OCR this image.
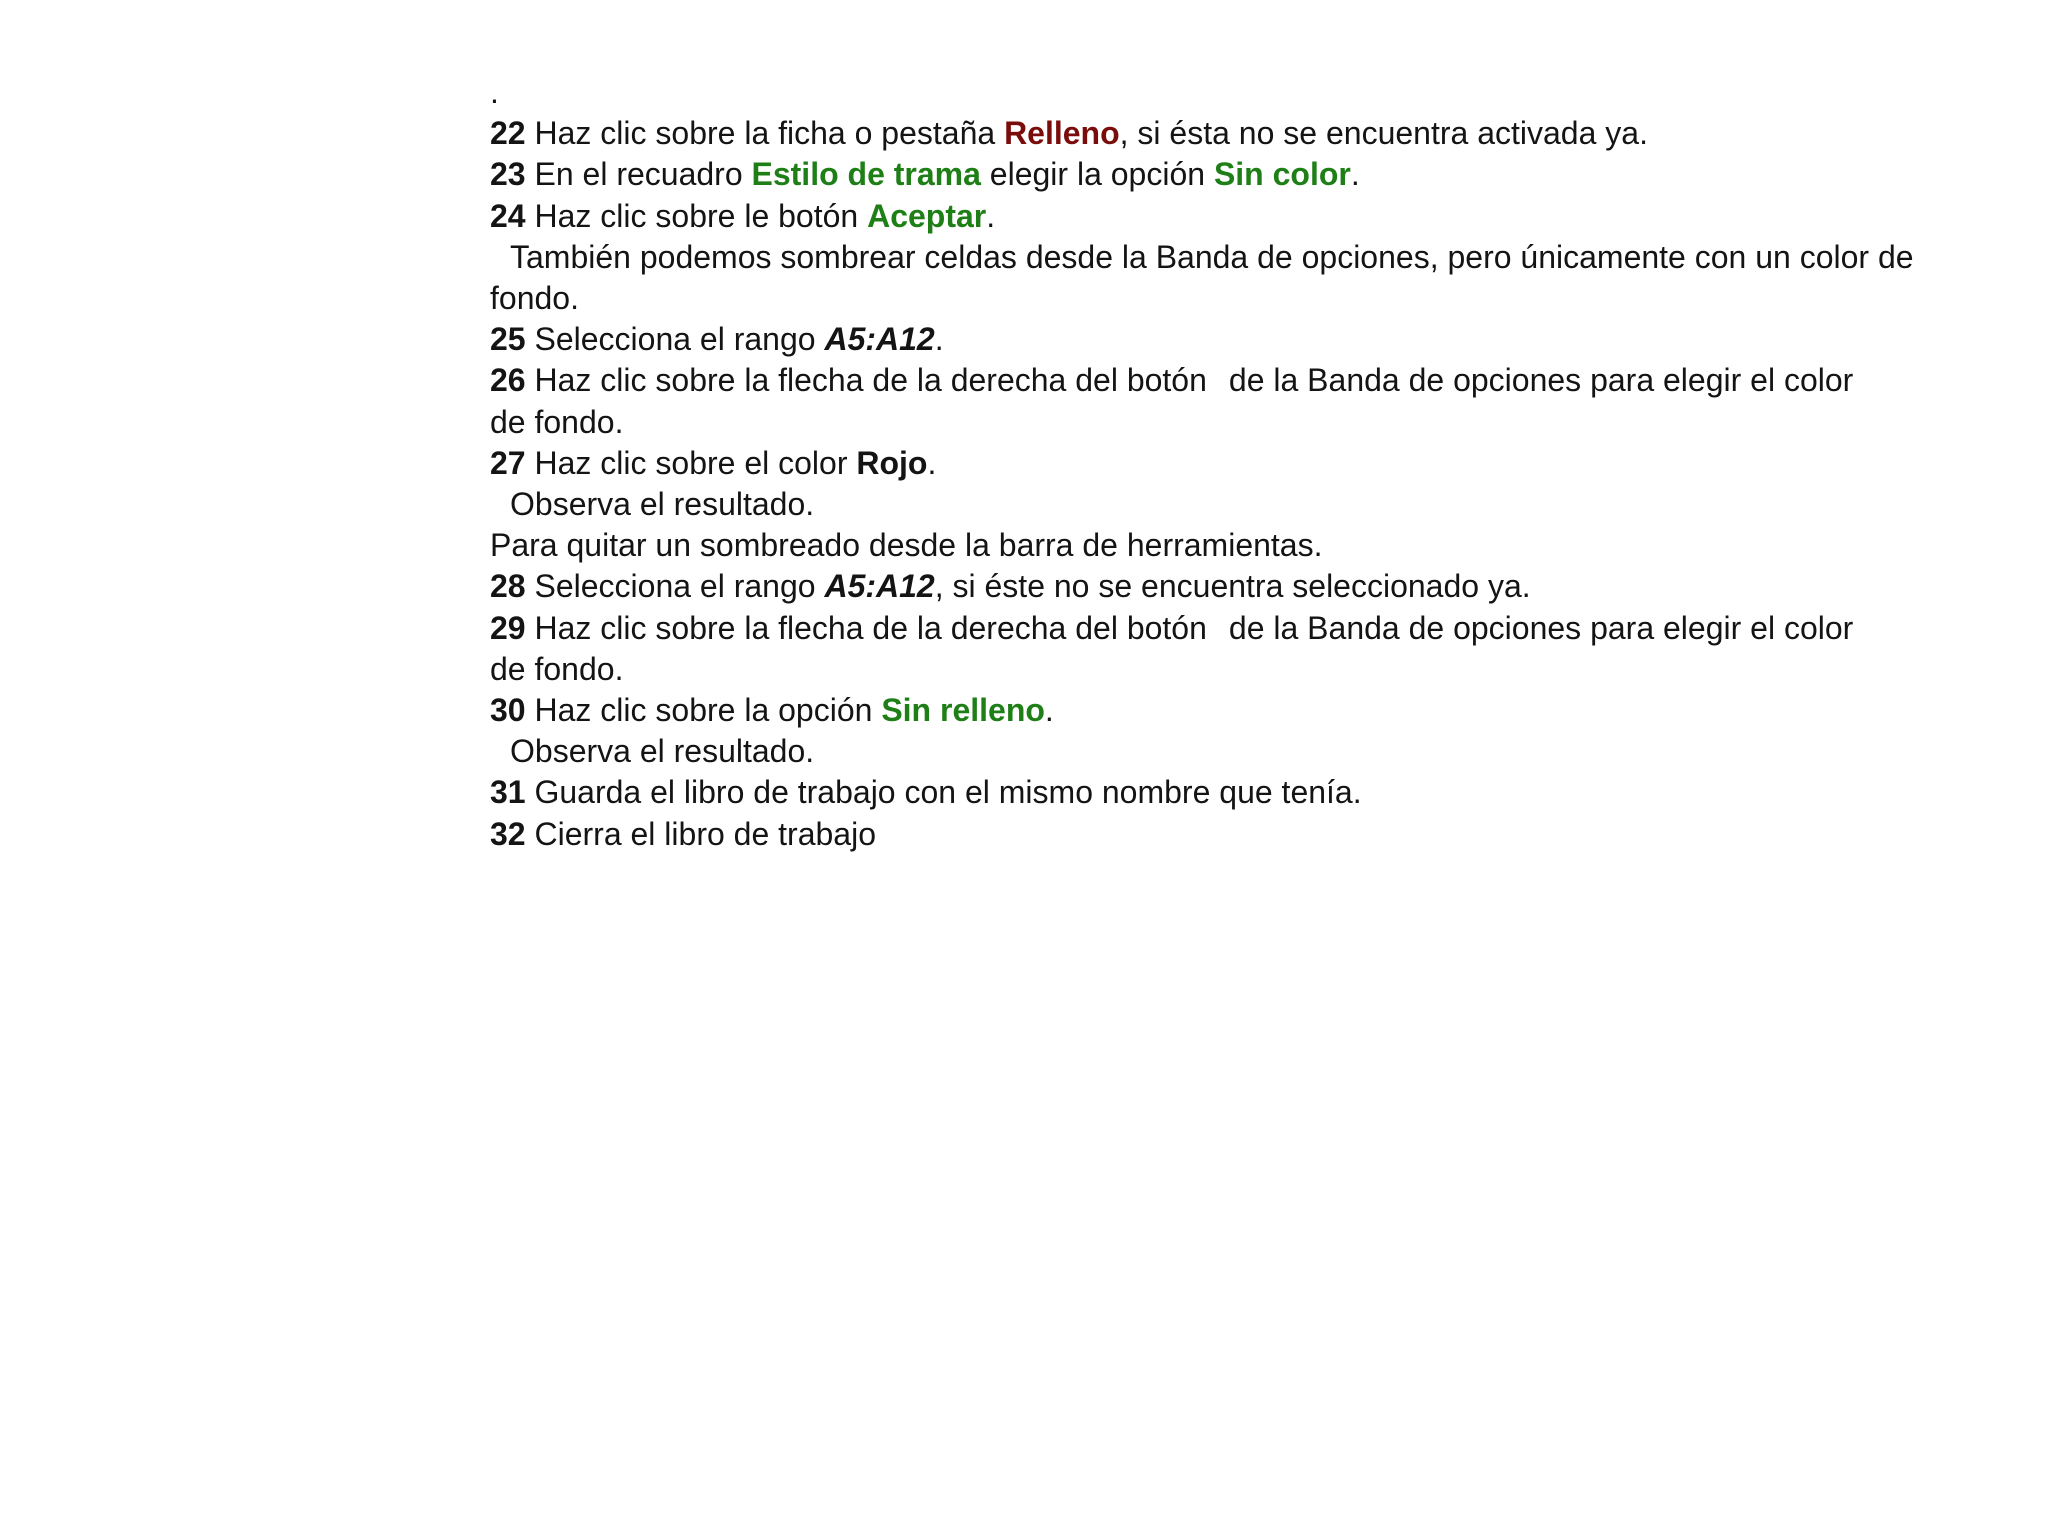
.

22 Haz clic sobre la ficha o pestaña Relleno, si ésta no se encuentra activada ya.

23 En el recuadro Estilo de trama elegir la opción Sin color.

24 Haz clic sobre le botón Aceptar.

También podemos sombrear celdas desde la Banda de opciones, pero únicamente con un color de fondo.

25 Selecciona el rango A5:A12.

26 Haz clic sobre la flecha de la derecha del botón de la Banda de opciones para elegir el color

de fondo.

27 Haz clic sobre el color Rojo.

Observa el resultado.

Para quitar un sombreado desde la barra de herramientas.

28 Selecciona el rango A5:A12, si éste no se encuentra seleccionado ya.

29 Haz clic sobre la flecha de la derecha del botón de la Banda de opciones para elegir el color

de fondo.

30 Haz clic sobre la opción Sin relleno.

Observa el resultado.

31 Guarda el libro de trabajo con el mismo nombre que tenía.

32 Cierra el libro de trabajo
